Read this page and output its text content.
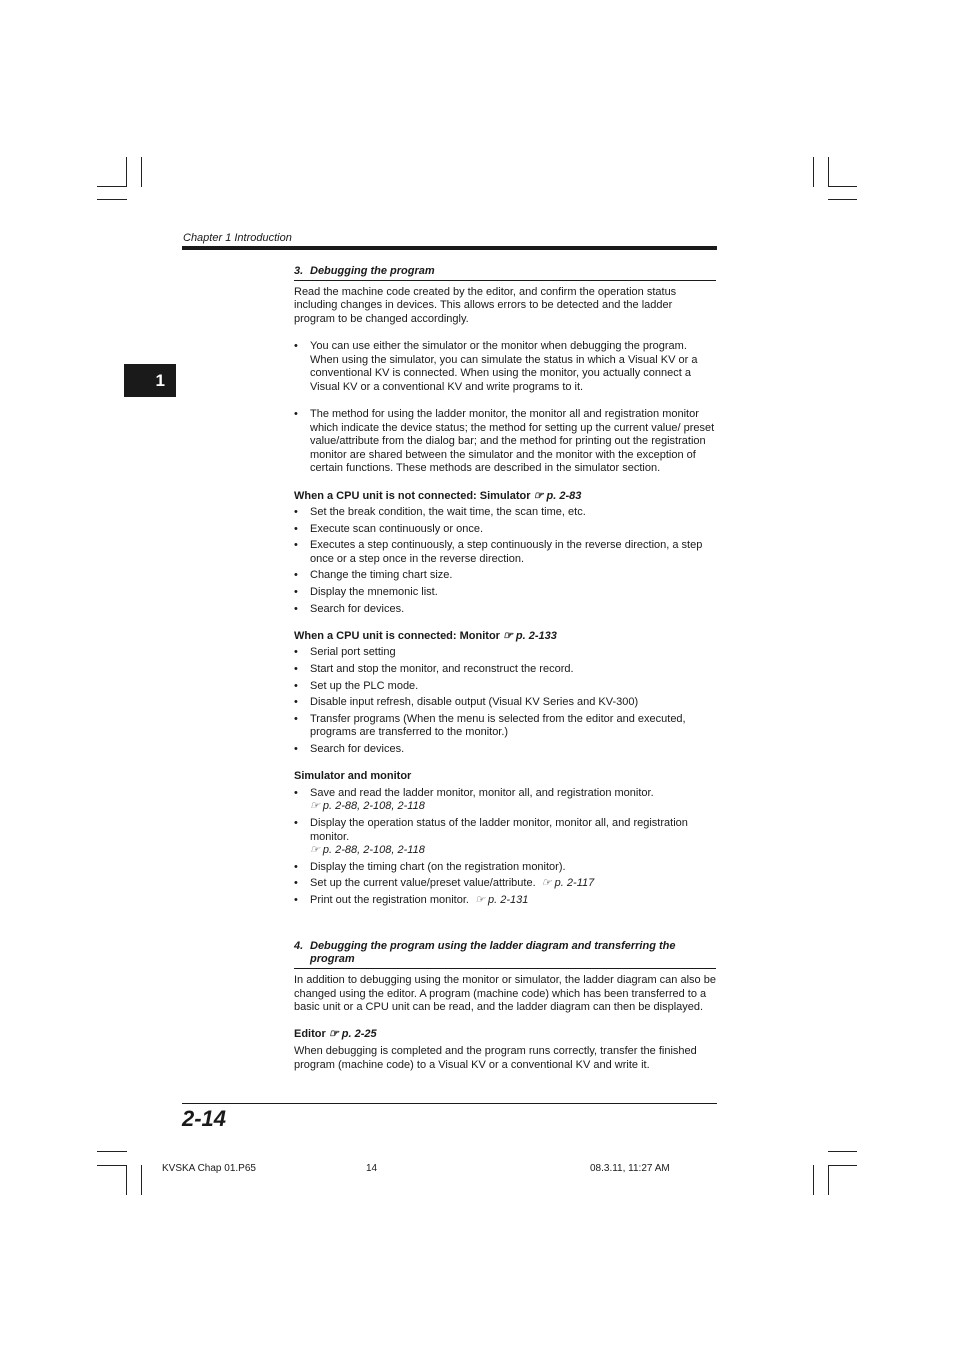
Chapter 1 Introduction
1
3. Debugging the program

Read the machine code created by the editor, and confirm the operation status including changes in devices. This allows errors to be detected and the ladder program to be changed accordingly.

•	You can use either the simulator or the monitor when debugging the program. When using the simulator, you can simulate the status in which a Visual KV or a conventional KV is connected. When using the monitor, you actually connect a Visual KV or a conventional KV and write programs to it.
•	The method for using the ladder monitor, the monitor all and registration monitor which indicate the device status; the method for setting up the current value/ preset value/attribute from the dialog bar; and the method for printing out the registration monitor are shared between the simulator and the monitor with the exception of certain functions. These methods are described in the simulator section.
When a CPU unit is not connected: Simulator ☞ p. 2-83
•	Set the break condition, the wait time, the scan time, etc.
•	Execute scan continuously or once.
•	Executes a step continuously, a step continuously in the reverse direction, a step once or a step once in the reverse direction.
•	Change the timing chart size.
•	Display the mnemonic list.
•	Search for devices.
When a CPU unit is connected: Monitor ☞ p. 2-133
•	Serial port setting
•	Start and stop the monitor, and reconstruct the record.
•	Set up the PLC mode.
•	Disable input refresh, disable output (Visual KV Series and KV-300)
•	Transfer programs (When the menu is selected from the editor and executed, programs are transferred to the monitor.)
•	Search for devices.
Simulator and monitor
•	Save and read the ladder monitor, monitor all, and registration monitor.
☞ p. 2-88, 2-108, 2-118
•	Display the operation status of the ladder monitor, monitor all, and registration monitor.
☞ p. 2-88, 2-108, 2-118
•	Display the timing chart (on the registration monitor).
•	Set up the current value/preset value/attribute. ☞ p. 2-117
•	Print out the registration monitor. ☞ p. 2-131
4. Debugging the program using the ladder diagram and transferring the
program

In addition to debugging using the monitor or simulator, the ladder diagram can also be changed using the editor. A program (machine code) which has been transferred to a basic unit or a CPU unit can be read, and the ladder diagram can then be displayed.

Editor ☞ p. 2-25

When debugging is completed and the program runs correctly, transfer the finished program (machine code) to a Visual KV or a conventional KV and write it.

2-14
KVSKA Chap 01.P65	14	08.3.11, 11:27 AM
